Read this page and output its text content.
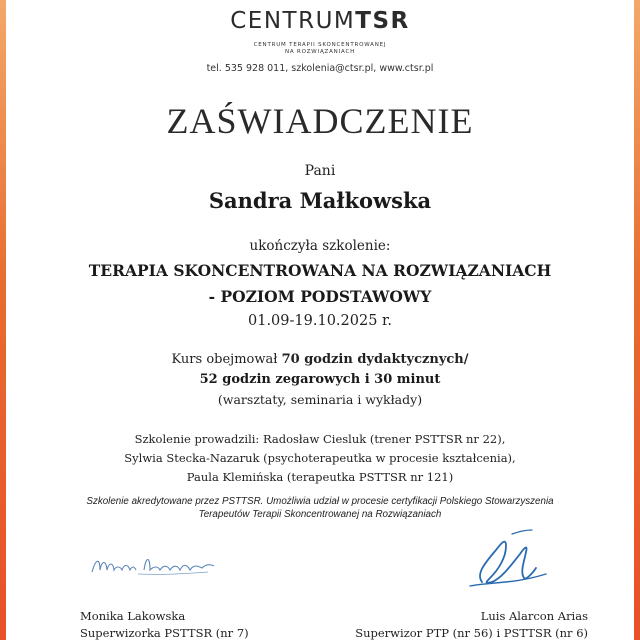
CENTRUMTSR
CENTRUM TERAPII SKONCENTROWANEJ
NA ROZWIĄZANIACH
tel. 535 928 011, szkolenia@ctsr.pl, www.ctsr.pl
ZAŚWIADCZENIE
Pani
Sandra Małkowska
ukończyła szkolenie:
TERAPIA SKONCENTROWANA NA ROZWIĄZANIACH
- POZIOM PODSTAWOWY
01.09-19.10.2025 r.
Kurs obejmował 70 godzin dydaktycznych/
52 godzin zegarowych i 30 minut
(warsztaty, seminaria i wykłady)
Szkolenie prowadzili: Radosław Ciesluk (trener PSTTSR nr 22),
Sylwia Stecka-Nazaruk (psychoterapeutka w procesie kształcenia),
Paula Klemińska (terapeutka PSTTSR nr 121)
Szkolenie akredytowane przez PSTTSR. Umożliwia udział w procesie certyfikacji Polskiego Stowarzyszenia
Terapeutów Terapii Skoncentrowanej na Rozwiązaniach
Monika Lakowska
Superwizorka PSTTSR (nr 7)
Luis Alarcon Arias
Superwizor PTP (nr 56) i PSTTSR (nr 6)
